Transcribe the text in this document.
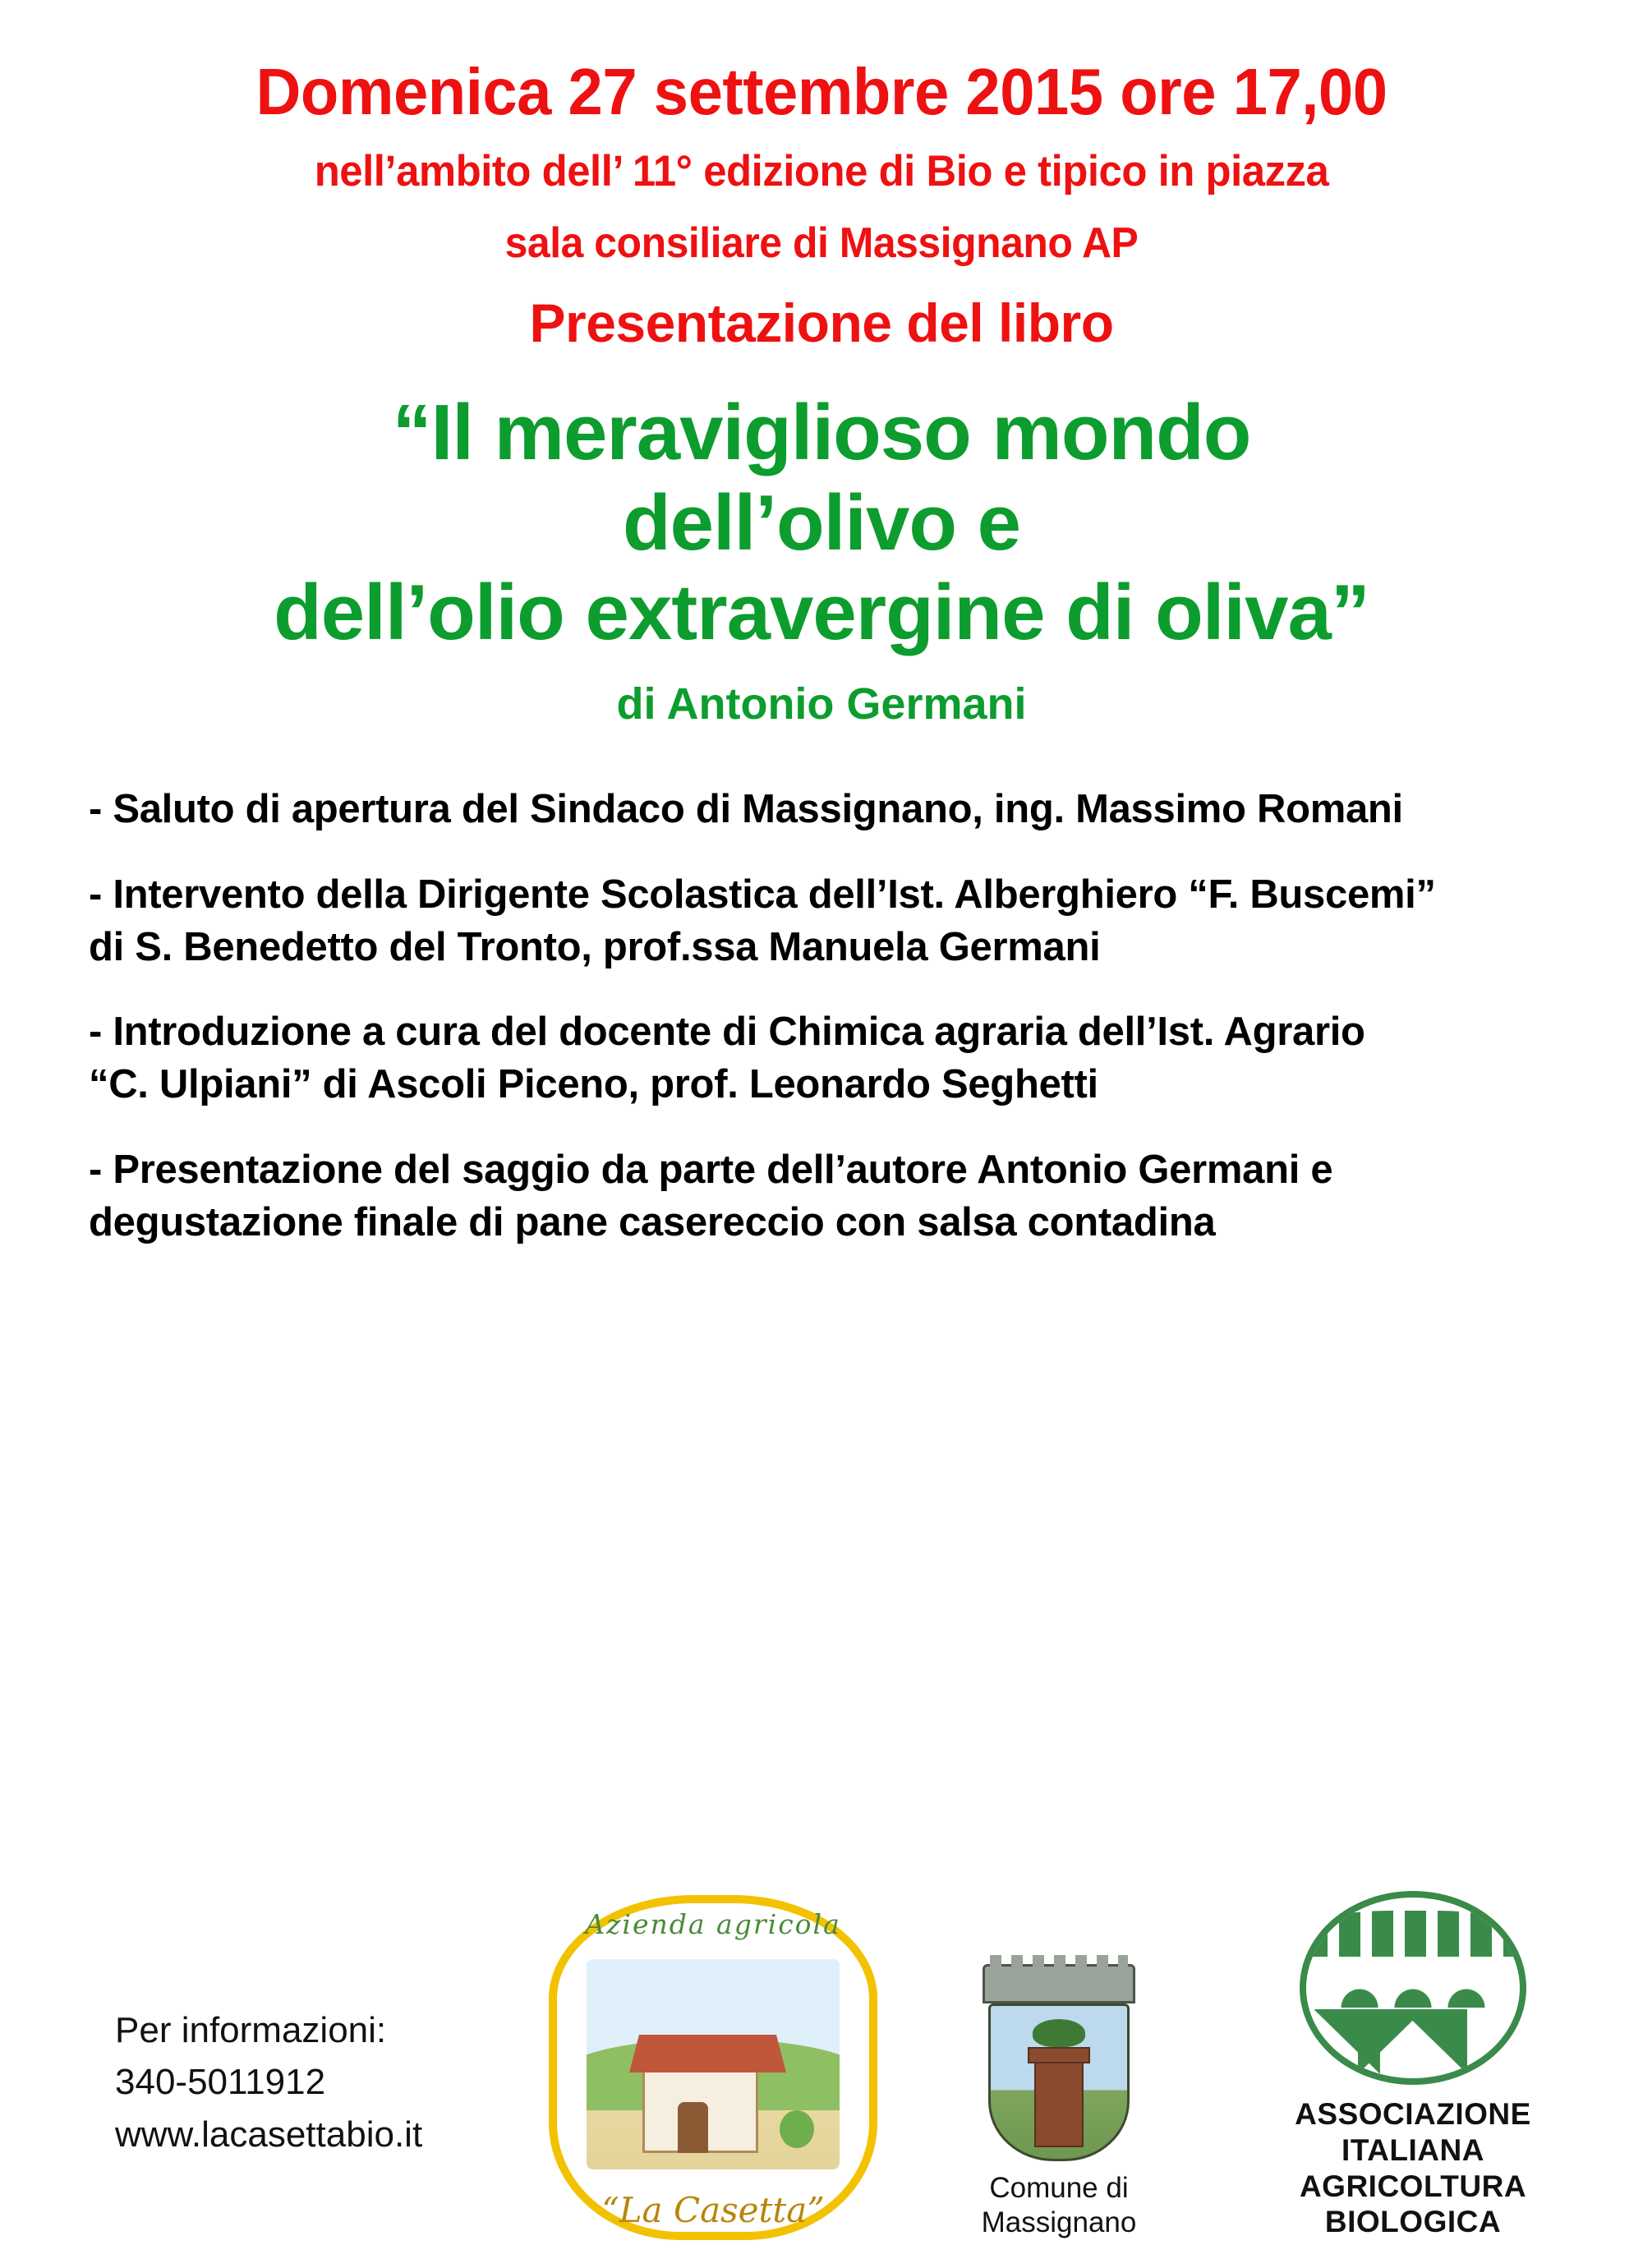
Domenica 27 settembre 2015 ore 17,00
nell’ambito dell’ 11° edizione di Bio e tipico in piazza
sala consiliare di Massignano AP
Presentazione del libro
“Il meraviglioso mondo
dell’olivo e
dell’olio extravergine di oliva”
di Antonio Germani
- Saluto di apertura del Sindaco di Massignano, ing. Massimo Romani
- Intervento della Dirigente Scolastica dell’Ist. Alberghiero “F. Buscemi”
di S. Benedetto del Tronto, prof.ssa Manuela Germani
- Introduzione a cura del docente di Chimica agraria dell’Ist. Agrario
“C. Ulpiani” di Ascoli Piceno, prof. Leonardo Seghetti
- Presentazione del saggio da parte dell’autore Antonio Germani e
degustazione finale di pane casereccio con salsa contadina
Per informazioni:
340-5011912
www.lacasettabio.it
Azienda agricola
“La Casetta”
Comune di
Massignano
ASSOCIAZIONE ITALIANA
AGRICOLTURA BIOLOGICA
